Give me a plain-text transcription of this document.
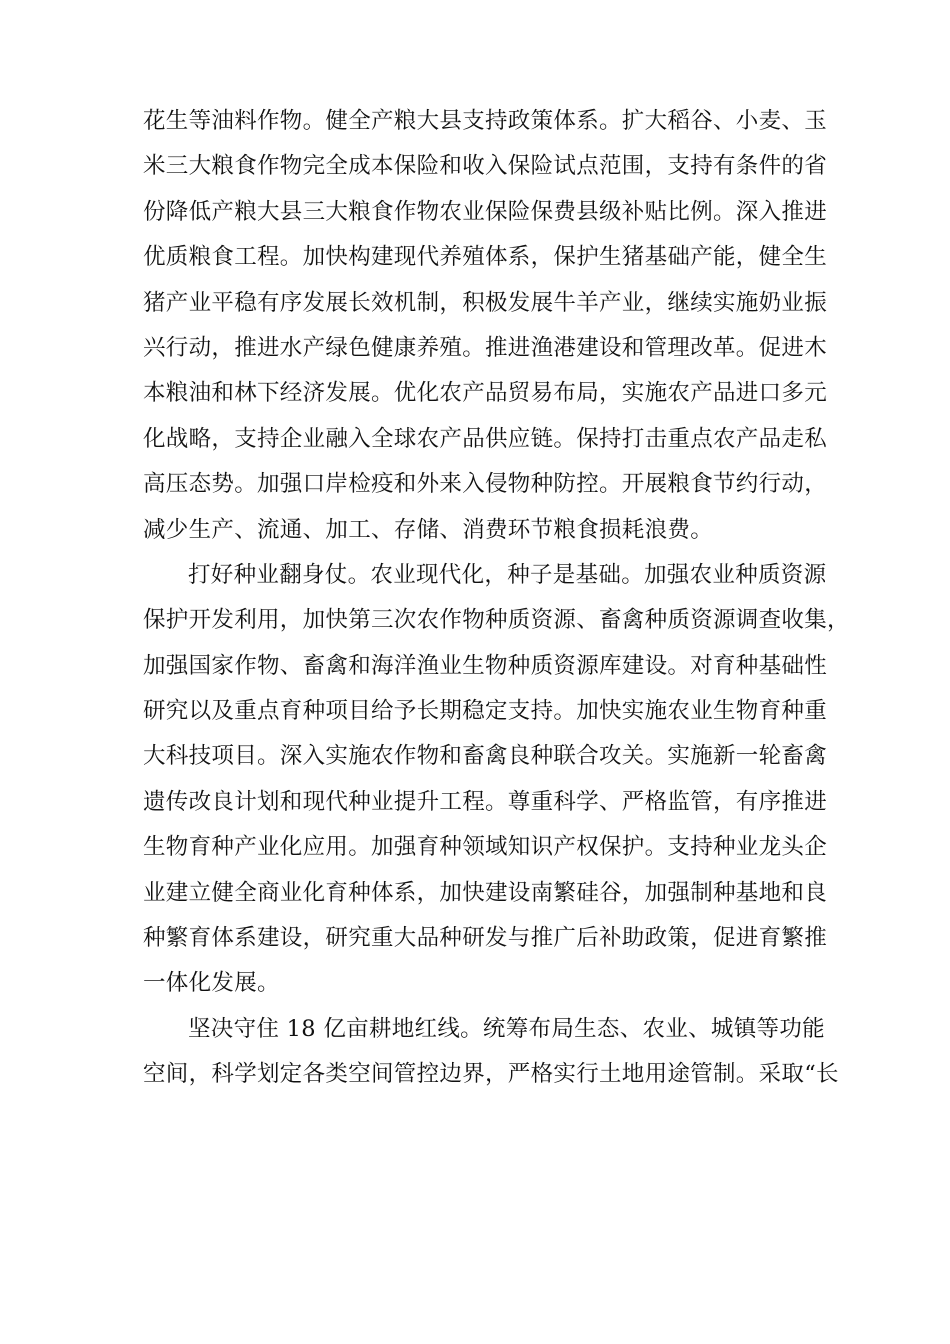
花生等油料作物。健全产粮大县支持政策体系。扩大稻谷、小麦、玉
米三大粮食作物完全成本保险和收入保险试点范围，支持有条件的省
份降低产粮大县三大粮食作物农业保险保费县级补贴比例。深入推进
优质粮食工程。加快构建现代养殖体系，保护生猪基础产能，健全生
猪产业平稳有序发展长效机制，积极发展牛羊产业，继续实施奶业振
兴行动，推进水产绿色健康养殖。推进渔港建设和管理改革。促进木
本粮油和林下经济发展。优化农产品贸易布局，实施农产品进口多元
化战略，支持企业融入全球农产品供应链。保持打击重点农产品走私
高压态势。加强口岸检疫和外来入侵物种防控。开展粮食节约行动，
减少生产、流通、加工、存储、消费环节粮食损耗浪费。
打好种业翻身仗。农业现代化，种子是基础。加强农业种质资源
保护开发利用，加快第三次农作物种质资源、畜禽种质资源调查收集，
加强国家作物、畜禽和海洋渔业生物种质资源库建设。对育种基础性
研究以及重点育种项目给予长期稳定支持。加快实施农业生物育种重
大科技项目。深入实施农作物和畜禽良种联合攻关。实施新一轮畜禽
遗传改良计划和现代种业提升工程。尊重科学、严格监管，有序推进
生物育种产业化应用。加强育种领域知识产权保护。支持种业龙头企
业建立健全商业化育种体系，加快建设南繁硅谷，加强制种基地和良
种繁育体系建设，研究重大品种研发与推广后补助政策，促进育繁推
一体化发展。
坚决守住 18 亿亩耕地红线。统筹布局生态、农业、城镇等功能
空间，科学划定各类空间管控边界，严格实行土地用途管制。采取“长
